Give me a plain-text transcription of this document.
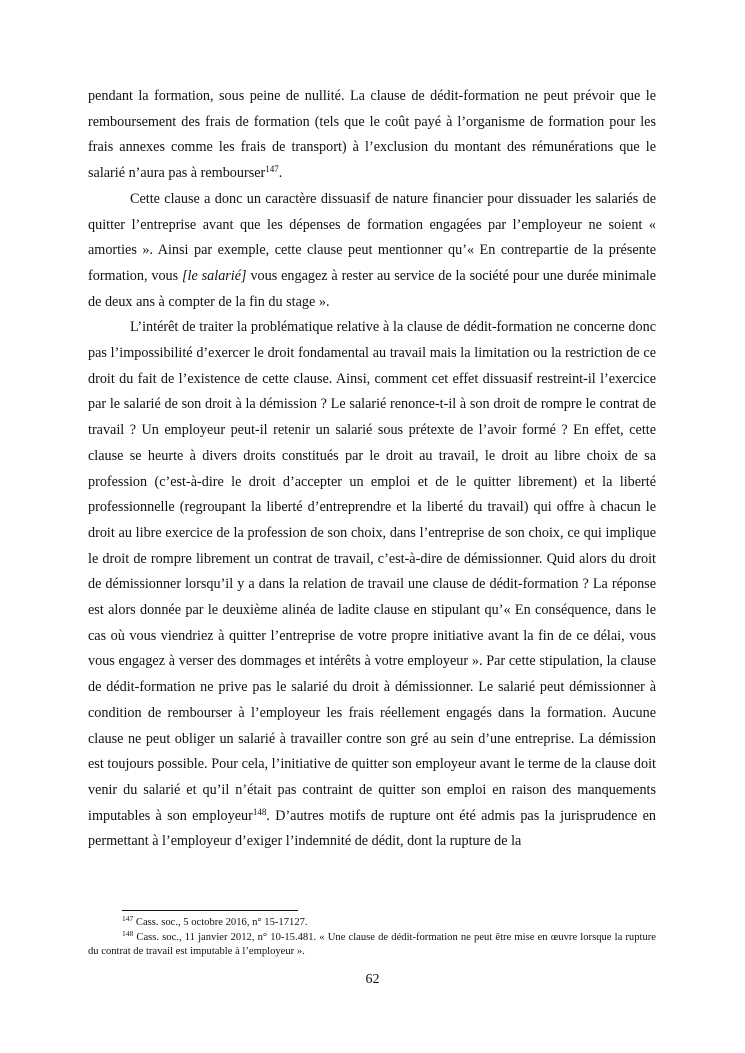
pendant la formation, sous peine de nullité. La clause de dédit-formation ne peut prévoir que le remboursement des frais de formation (tels que le coût payé à l’organisme de formation pour les frais annexes comme les frais de transport) à l’exclusion du montant des rémunérations que le salarié n’aura pas à rembourser$^{147}$.

Cette clause a donc un caractère dissuasif de nature financier pour dissuader les salariés de quitter l’entreprise avant que les dépenses de formation engagées par l’employeur ne soient « amorties ». Ainsi par exemple, cette clause peut mentionner qu’« En contrepartie de la présente formation, vous [le salarié] vous engagez à rester au service de la société pour une durée minimale de deux ans à compter de la fin du stage ».

L’intérêt de traiter la problématique relative à la clause de dédit-formation ne concerne donc pas l’impossibilité d’exercer le droit fondamental au travail mais la limitation ou la restriction de ce droit du fait de l’existence de cette clause. Ainsi, comment cet effet dissuasif restreint-il l’exercice par le salarié de son droit à la démission ? Le salarié renonce-t-il à son droit de rompre le contrat de travail ? Un employeur peut-il retenir un salarié sous prétexte de l’avoir formé ? En effet, cette clause se heurte à divers droits constitués par le droit au travail, le droit au libre choix de sa profession (c’est-à-dire le droit d’accepter un emploi et de le quitter librement) et la liberté professionnelle (regroupant la liberté d’entreprendre et la liberté du travail) qui offre à chacun le droit au libre exercice de la profession de son choix, dans l’entreprise de son choix, ce qui implique le droit de rompre librement un contrat de travail, c’est-à-dire de démissionner. Quid alors du droit de démissionner lorsqu’il y a dans la relation de travail une clause de dédit-formation ? La réponse est alors donnée par le deuxième alinéa de ladite clause en stipulant qu’« En conséquence, dans le cas où vous viendriez à quitter l’entreprise de votre propre initiative avant la fin de ce délai, vous vous engagez à verser des dommages et intérêts à votre employeur ». Par cette stipulation, la clause de dédit-formation ne prive pas le salarié du droit à démissionner. Le salarié peut démissionner à condition de rembourser à l’employeur les frais réellement engagés dans la formation. Aucune clause ne peut obliger un salarié à travailler contre son gré au sein d’une entreprise. La démission est toujours possible. Pour cela, l’initiative de quitter son employeur avant le terme de la clause doit venir du salarié et qu’il n’était pas contraint de quitter son emploi en raison des manquements imputables à son employeur$^{148}$. D’autres motifs de rupture ont été admis pas la jurisprudence en permettant à l’employeur d’exiger l’indemnité de dédit, dont la rupture de la

$^{147}$ Cass. soc., 5 octobre 2016, n° 15-17127.

$^{148}$ Cass. soc., 11 janvier 2012, n° 10-15.481. « Une clause de dédit-formation ne peut être mise en œuvre lorsque la rupture du contrat de travail est imputable à l’employeur ».

62
